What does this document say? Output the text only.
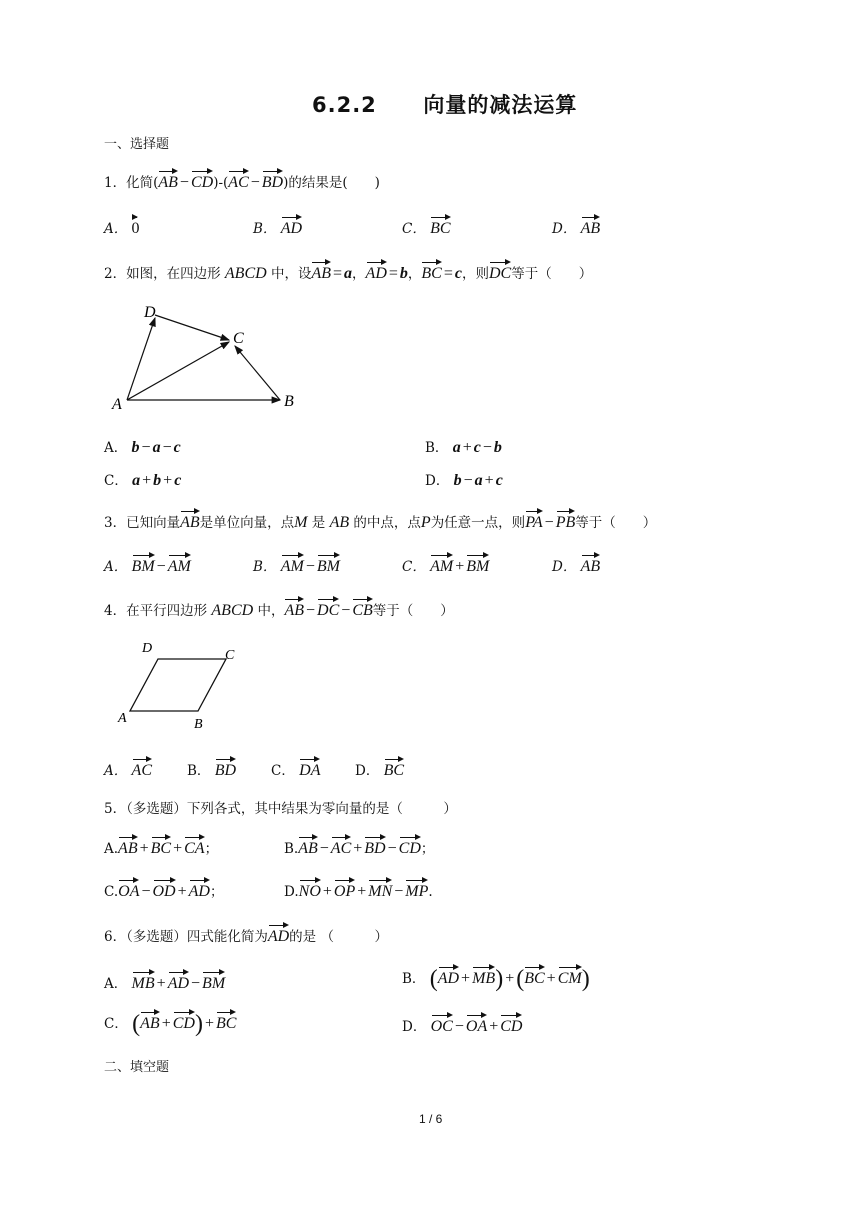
6.2.2 向量的减法运算
一、选择题
1．化简(AB − CD)-(AC − BD)的结果是(　　)
A． 0	B． AD	C． BC	D． AB
2．如图，在四边形 ABCD 中，设AB = a，AD = b，BC = c，则DC等于（　　）
A	B
C
D
A． b − a − c	B． a + c − b
C． a + b + c	D． b − a + c
3．已知向量AB是单位向量，点M 是 AB 的中点，点P为任意一点，则PA − PB等于（　　）
A． BM − AM	B． AM − BM	C． AM + BM	D． AB
4．在平行四边形 ABCD 中，AB − DC − CB等于（　　）
A	B
C
D
A． AC	B． BD	C． DA	D． BC
5．（多选题）下列各式，其中结果为零向量的是（　　　）
A.AB + BC + CA；	B.AB − AC + BD − CD；
C.OA − OD + AD；	D.NO + OP + MN − MP.
6．（多选题）四式能化简为AD的是 （　　　）
A． MB + AD − BM	B． (AD + MB) +(BC + CM)
C． (AB + CD) + BC	D． OC − OA + CD
二、填空题
1 / 6
